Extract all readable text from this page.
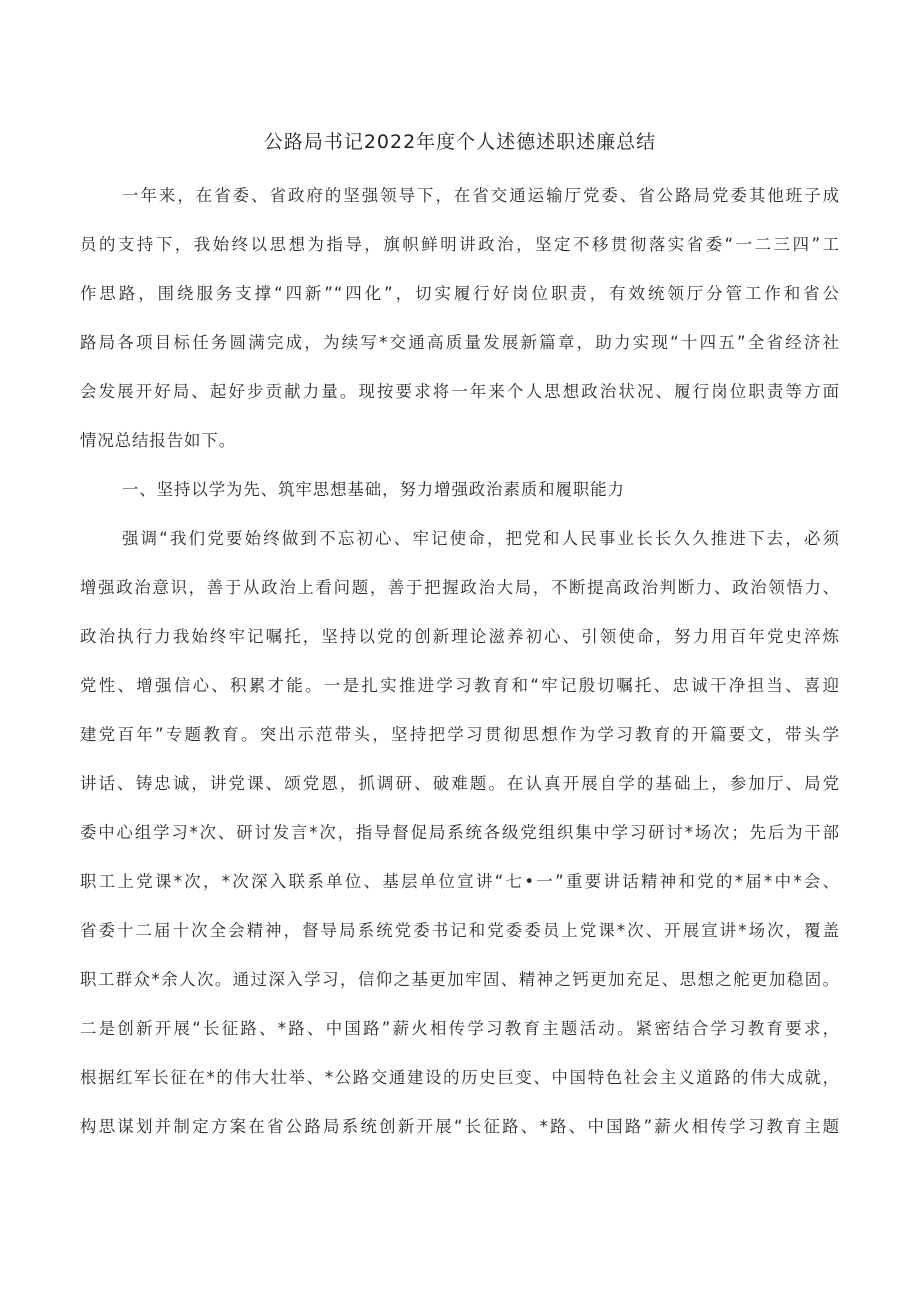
公路局书记2022年度个人述德述职述廉总结
一年来，在省委、省政府的坚强领导下，在省交通运输厅党委、省公路局党委其他班子成
员的支持下，我始终以思想为指导，旗帜鲜明讲政治，坚定不移贯彻落实省委“一二三四”工
作思路，围绕服务支撑“四新”“四化”，切实履行好岗位职责，有效统领厅分管工作和省公
路局各项目标任务圆满完成，为续写*交通高质量发展新篇章，助力实现“十四五”全省经济社
会发展开好局、起好步贡献力量。现按要求将一年来个人思想政治状况、履行岗位职责等方面
情况总结报告如下。
一、坚持以学为先、筑牢思想基础，努力增强政治素质和履职能力
强调“我们党要始终做到不忘初心、牢记使命，把党和人民事业长长久久推进下去，必须
增强政治意识，善于从政治上看问题，善于把握政治大局，不断提高政治判断力、政治领悟力、
政治执行力我始终牢记嘱托，坚持以党的创新理论滋养初心、引领使命，努力用百年党史淬炼
党性、增强信心、积累才能。一是扎实推进学习教育和“牢记殷切嘱托、忠诚干净担当、喜迎
建党百年”专题教育。突出示范带头，坚持把学习贯彻思想作为学习教育的开篇要文，带头学
讲话、铸忠诚，讲党课、颂党恩，抓调研、破难题。在认真开展自学的基础上，参加厅、局党
委中心组学习*次、研讨发言*次，指导督促局系统各级党组织集中学习研讨*场次；先后为干部
职工上党课*次，*次深入联系单位、基层单位宣讲“七•一”重要讲话精神和党的*届*中*会、
省委十二届十次全会精神，督导局系统党委书记和党委委员上党课*次、开展宣讲*场次，覆盖
职工群众*余人次。通过深入学习，信仰之基更加牢固、精神之钙更加充足、思想之舵更加稳固。
二是创新开展“长征路、*路、中国路”薪火相传学习教育主题活动。紧密结合学习教育要求，
根据红军长征在*的伟大壮举、*公路交通建设的历史巨变、中国特色社会主义道路的伟大成就，
构思谋划并制定方案在省公路局系统创新开展“长征路、*路、中国路”薪火相传学习教育主题
